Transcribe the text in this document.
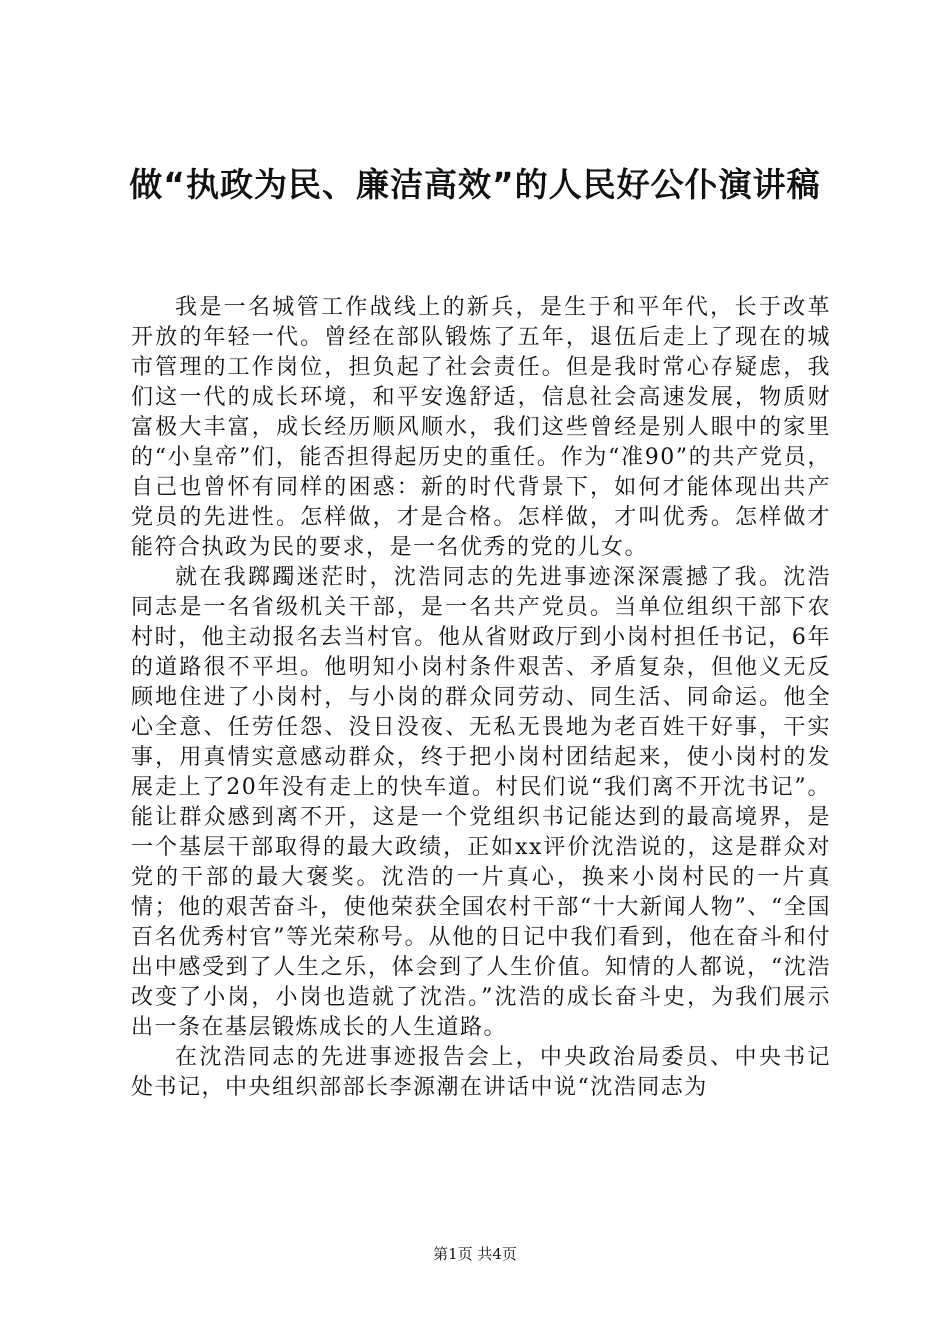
做“执政为民、廉洁高效”的人民好公仆演讲稿

我是一名城管工作战线上的新兵，是生于和平年代，长于改革开放的年轻一代。曾经在部队锻炼了五年，退伍后走上了现在的城市管理的工作岗位，担负起了社会责任。但是我时常心存疑虑，我们这一代的成长环境，和平安逸舒适，信息社会高速发展，物质财富极大丰富，成长经历顺风顺水，我们这些曾经是别人眼中的家里的“小皇帝”们，能否担得起历史的重任。作为“准90”的共产党员，自己也曾怀有同样的困惑：新的时代背景下，如何才能体现出共产党员的先进性。怎样做，才是合格。怎样做，才叫优秀。怎样做才能符合执政为民的要求，是一名优秀的党的儿女。

就在我踯躅迷茫时，沈浩同志的先进事迹深深震撼了我。沈浩同志是一名省级机关干部，是一名共产党员。当单位组织干部下农村时，他主动报名去当村官。他从省财政厅到小岗村担任书记，6年的道路很不平坦。他明知小岗村条件艰苦、矛盾复杂，但他义无反顾地住进了小岗村，与小岗的群众同劳动、同生活、同命运。他全心全意、任劳任怨、没日没夜、无私无畏地为老百姓干好事，干实事，用真情实意感动群众，终于把小岗村团结起来，使小岗村的发展走上了20年没有走上的快车道。村民们说“我们离不开沈书记”。能让群众感到离不开，这是一个党组织书记能达到的最高境界，是一个基层干部取得的最大政绩，正如xx评价沈浩说的，这是群众对党的干部的最大褒奖。沈浩的一片真心，换来小岗村民的一片真情；他的艰苦奋斗，使他荣获全国农村干部“十大新闻人物”、“全国百名优秀村官”等光荣称号。从他的日记中我们看到，他在奋斗和付出中感受到了人生之乐，体会到了人生价值。知情的人都说，“沈浩改变了小岗，小岗也造就了沈浩。”沈浩的成长奋斗史，为我们展示出一条在基层锻炼成长的人生道路。

在沈浩同志的先进事迹报告会上，中央政治局委员、中央书记处书记，中央组织部部长李源潮在讲话中说“沈浩同志为

第1页 共4页
